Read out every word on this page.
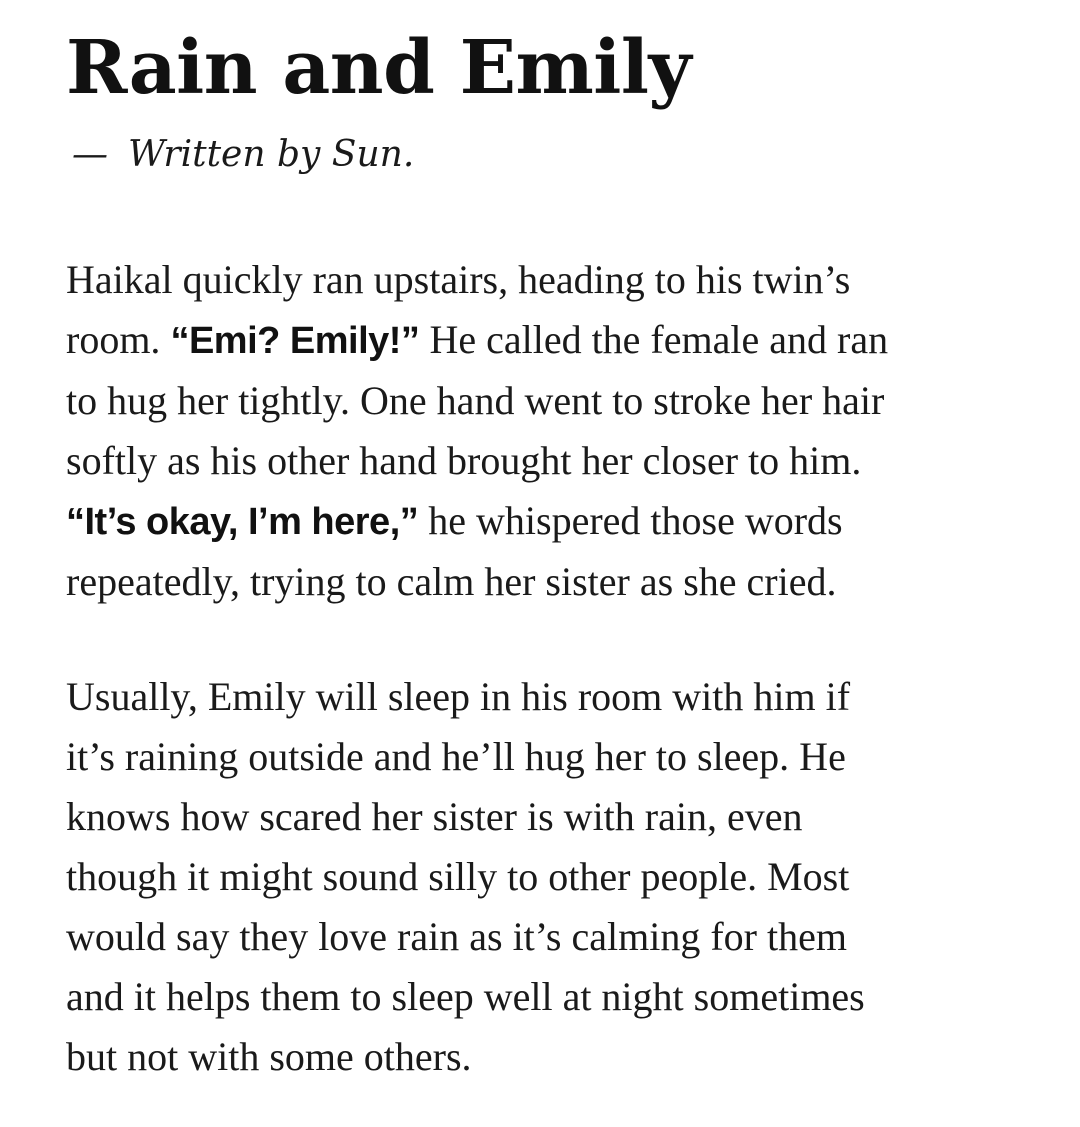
Rain and Emily

— Written by Sun.

Haikal quickly ran upstairs, heading to his twin’s
room. “Emi? Emily!” He called the female and ran
to hug her tightly. One hand went to stroke her hair
softly as his other hand brought her closer to him.
“It’s okay, I’m here,” he whispered those words
repeatedly, trying to calm her sister as she cried.
Usually, Emily will sleep in his room with him if
it’s raining outside and he’ll hug her to sleep. He
knows how scared her sister is with rain, even
though it might sound silly to other people. Most
would say they love rain as it’s calming for them
and it helps them to sleep well at night sometimes
but not with some others.
